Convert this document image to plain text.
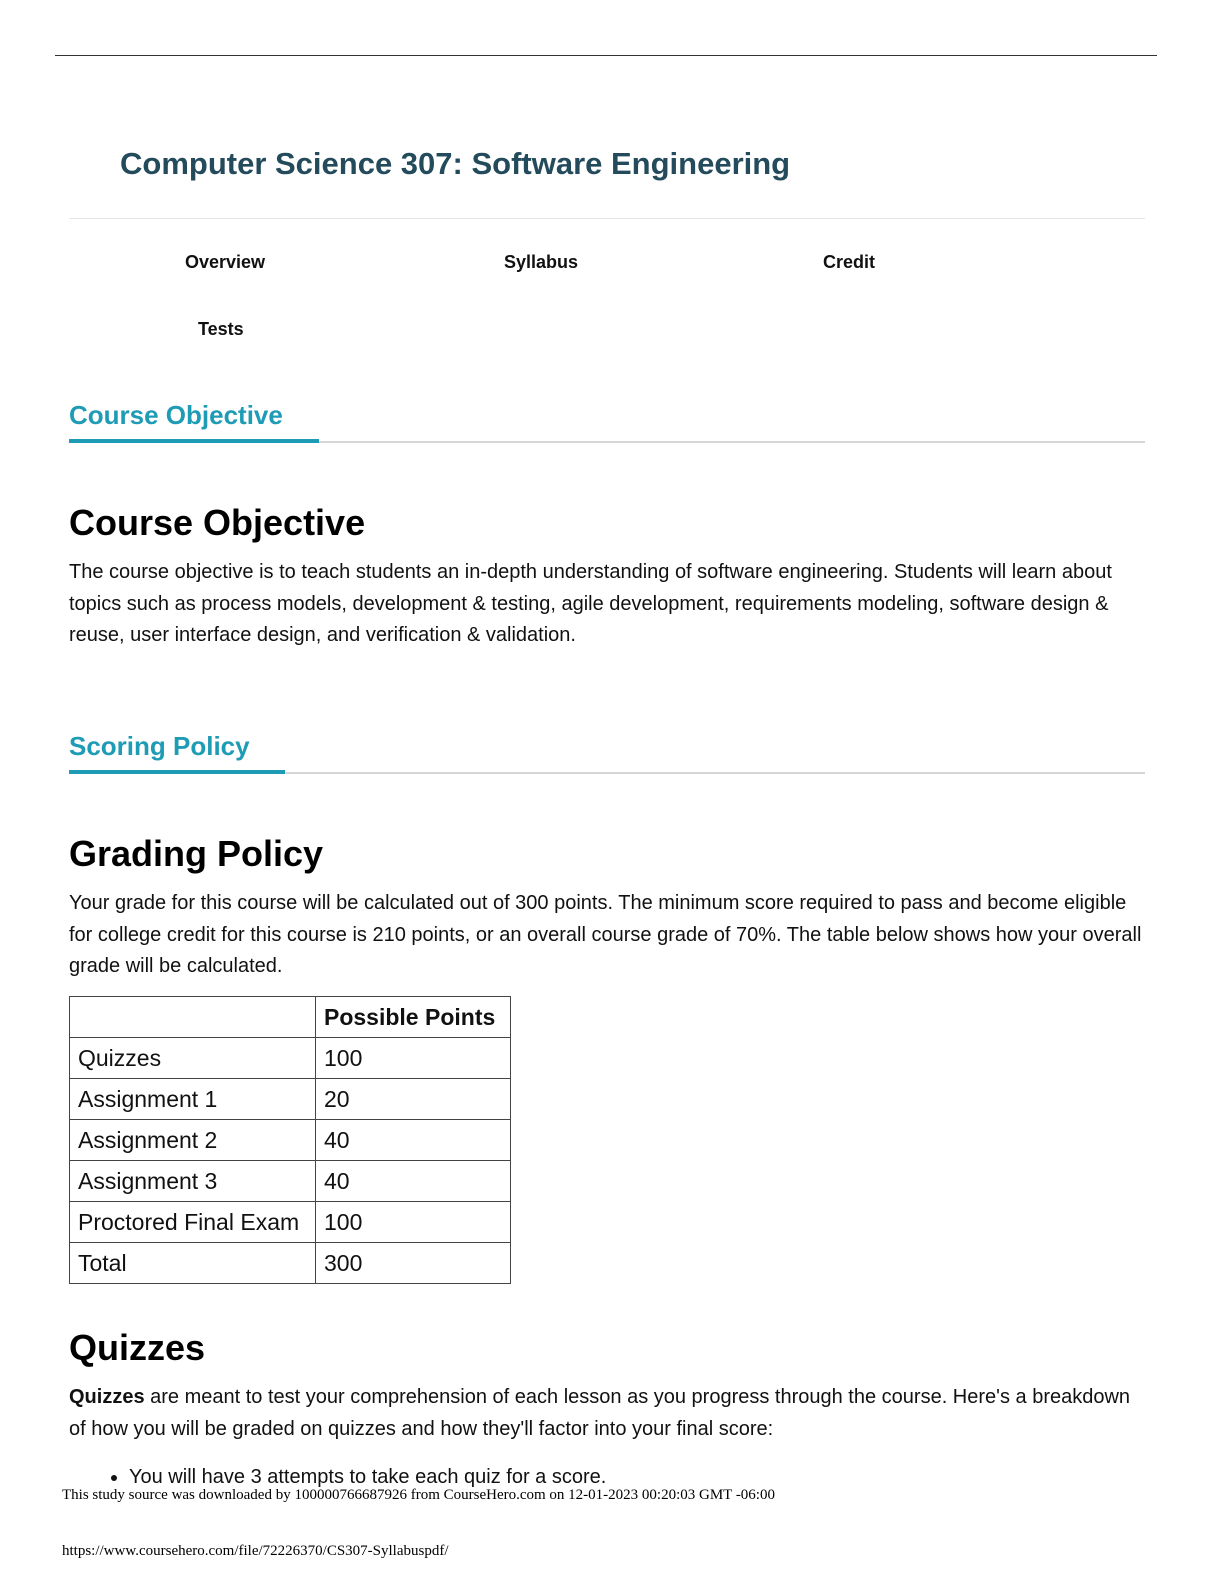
Computer Science 307: Software Engineering
Overview	Syllabus	Credit
Tests
Course Objective
Course Objective

The course objective is to teach students an in-depth understanding of software engineering. Students will learn about topics such as process models, development & testing, agile development, requirements modeling, software design & reuse, user interface design, and verification & validation.

Scoring Policy
Grading Policy

Your grade for this course will be calculated out of 300 points. The minimum score required to pass and become eligible for college credit for this course is 210 points, or an overall course grade of 70%. The table below shows how your overall grade will be calculated.

	Possible Points
Quizzes	100
Assignment 1	20
Assignment 2	40
Assignment 3	40
Proctored Final Exam	100
Total	300
Quizzes

Quizzes are meant to test your comprehension of each lesson as you progress through the course. Here's a breakdown of how you will be graded on quizzes and how they'll factor into your final score:

• You will have 3 attempts to take each quiz for a score.
This study source was downloaded by 100000766687926 from CourseHero.com on 12-01-2023 00:20:03 GMT -06:00
https://www.coursehero.com/file/72226370/CS307-Syllabuspdf/
